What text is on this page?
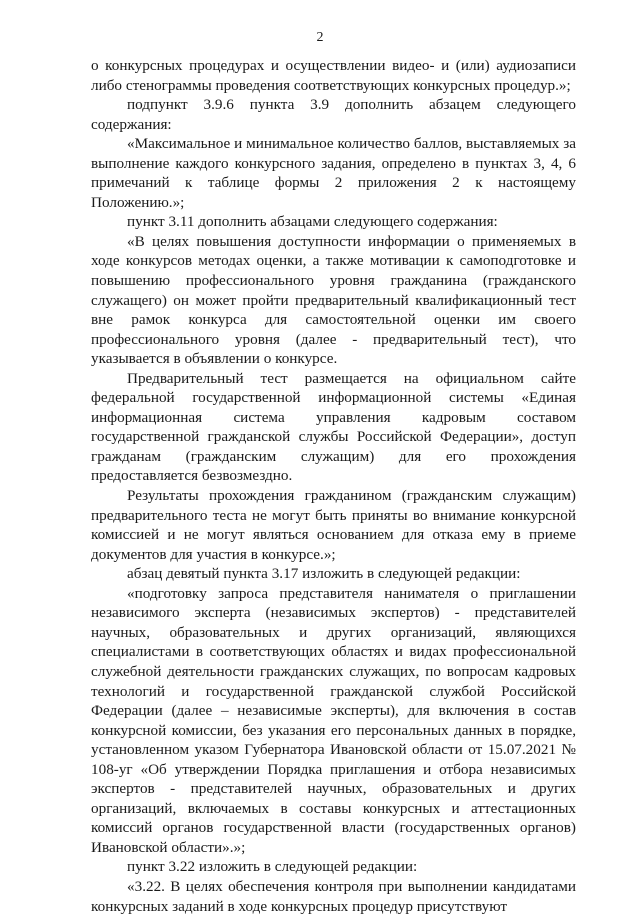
2

о конкурсных процедурах и осуществлении видео- и (или) аудиозаписи либо стенограммы проведения соответствующих конкурсных процедур.»;

подпункт 3.9.6 пункта 3.9 дополнить абзацем следующего содержания:

«Максимальное и минимальное количество баллов, выставляемых за выполнение каждого конкурсного задания, определено в пунктах 3, 4, 6 примечаний к таблице формы 2 приложения 2 к настоящему Положению.»;

пункт 3.11 дополнить абзацами следующего содержания:

«В целях повышения доступности информации о применяемых в ходе конкурсов методах оценки, а также мотивации к самоподготовке и повышению профессионального уровня гражданина (гражданского служащего) он может пройти предварительный квалификационный тест вне рамок конкурса для самостоятельной оценки им своего профессионального уровня (далее - предварительный тест), что указывается в объявлении о конкурсе.

Предварительный тест размещается на официальном сайте федеральной государственной информационной системы «Единая информационная система управления кадровым составом государственной гражданской службы Российской Федерации», доступ гражданам (гражданским служащим) для его прохождения предоставляется безвозмездно.

Результаты прохождения гражданином (гражданским служащим) предварительного теста не могут быть приняты во внимание конкурсной комиссией и не могут являться основанием для отказа ему в приеме документов для участия в конкурсе.»;

абзац девятый пункта 3.17 изложить в следующей редакции:

«подготовку запроса представителя нанимателя о приглашении независимого эксперта (независимых экспертов) - представителей научных, образовательных и других организаций, являющихся специалистами в соответствующих областях и видах профессиональной служебной деятельности гражданских служащих, по вопросам кадровых технологий и государственной гражданской службой Российской Федерации (далее – независимые эксперты), для включения в состав конкурсной комиссии, без указания его персональных данных в порядке, установленном указом Губернатора Ивановской области от 15.07.2021 № 108-уг «Об утверждении Порядка приглашения и отбора независимых экспертов - представителей научных, образовательных и других организаций, включаемых в составы конкурсных и аттестационных комиссий органов государственной власти (государственных органов) Ивановской области».»;

пункт 3.22 изложить в следующей редакции:

«3.22. В целях обеспечения контроля при выполнении кандидатами конкурсных заданий в ходе конкурсных процедур присутствуют
